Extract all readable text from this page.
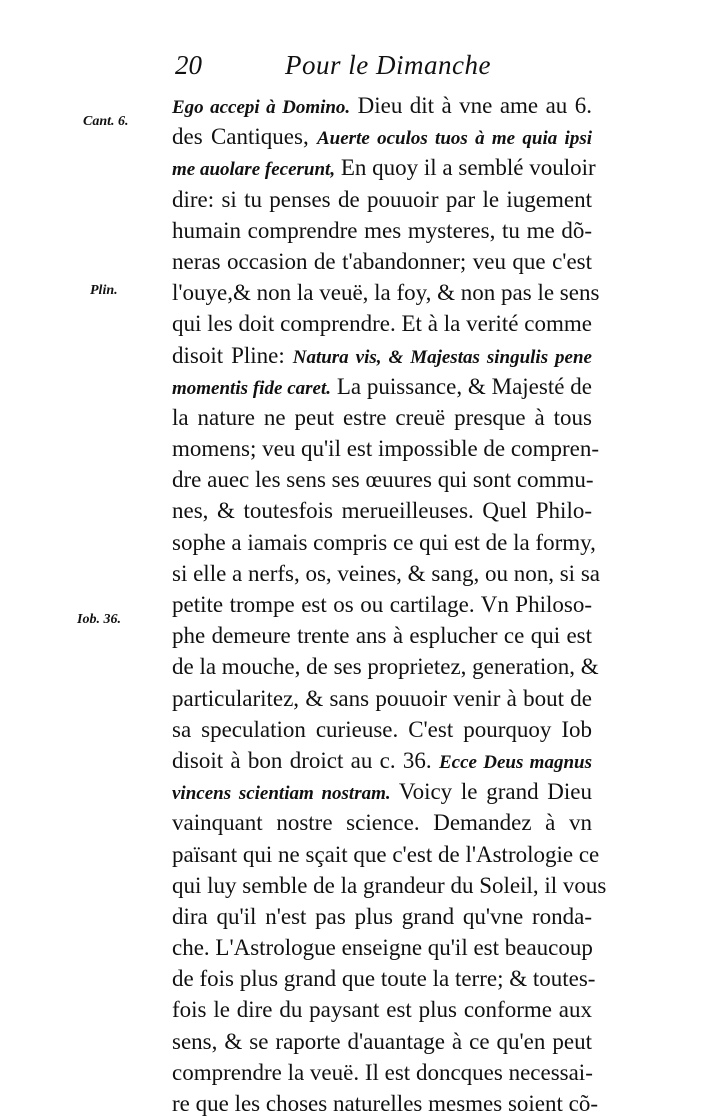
20	Pour le Dimanche
Cant. 6.
Plin.
Iob. 36.
Ego accepi à Domino. Dieu dit à vne ame au 6.
des Cantiques, Auerte oculos tuos à me quia ipsi
me auolare fecerunt, En quoy il a semblé vouloir
dire: si tu penses de pouuoir par le iugement
humain comprendre mes mysteres, tu me dõ-
neras occasion de t'abandonner; veu que c'est
l'ouye,& non la veuë, la foy, & non pas le sens
qui les doit comprendre. Et à la verité comme
disoit Pline: Natura vis, & Majestas singulis pene
momentis fide caret. La puissance, & Majesté de
la nature ne peut estre creuë presque à tous
momens; veu qu'il est impossible de compren-
dre auec les sens ses œuures qui sont commu-
nes, & toutesfois merueilleuses. Quel Philo-
sophe a iamais compris ce qui est de la formy,
si elle a nerfs, os, veines, & sang, ou non, si sa
petite trompe est os ou cartilage. Vn Philoso-
phe demeure trente ans à esplucher ce qui est
de la mouche, de ses proprietez, generation, &
particularitez, & sans pouuoir venir à bout de
sa speculation curieuse. C'est pourquoy Iob
disoit à bon droict au c. 36. Ecce Deus magnus
vincens scientiam nostram. Voicy le grand Dieu
vainquant nostre science. Demandez à vn
païsant qui ne sçait que c'est de l'Astrologie ce
qui luy semble de la grandeur du Soleil, il vous
dira qu'il n'est pas plus grand qu'vne ronda-
che. L'Astrologue enseigne qu'il est beaucoup
de fois plus grand que toute la terre; & toutes-
fois le dire du paysant est plus conforme aux
sens, & se raporte d'auantage à ce qu'en peut
comprendre la veuë. Il est doncques necessai-
re que les choses naturelles mesmes soient cõ-
